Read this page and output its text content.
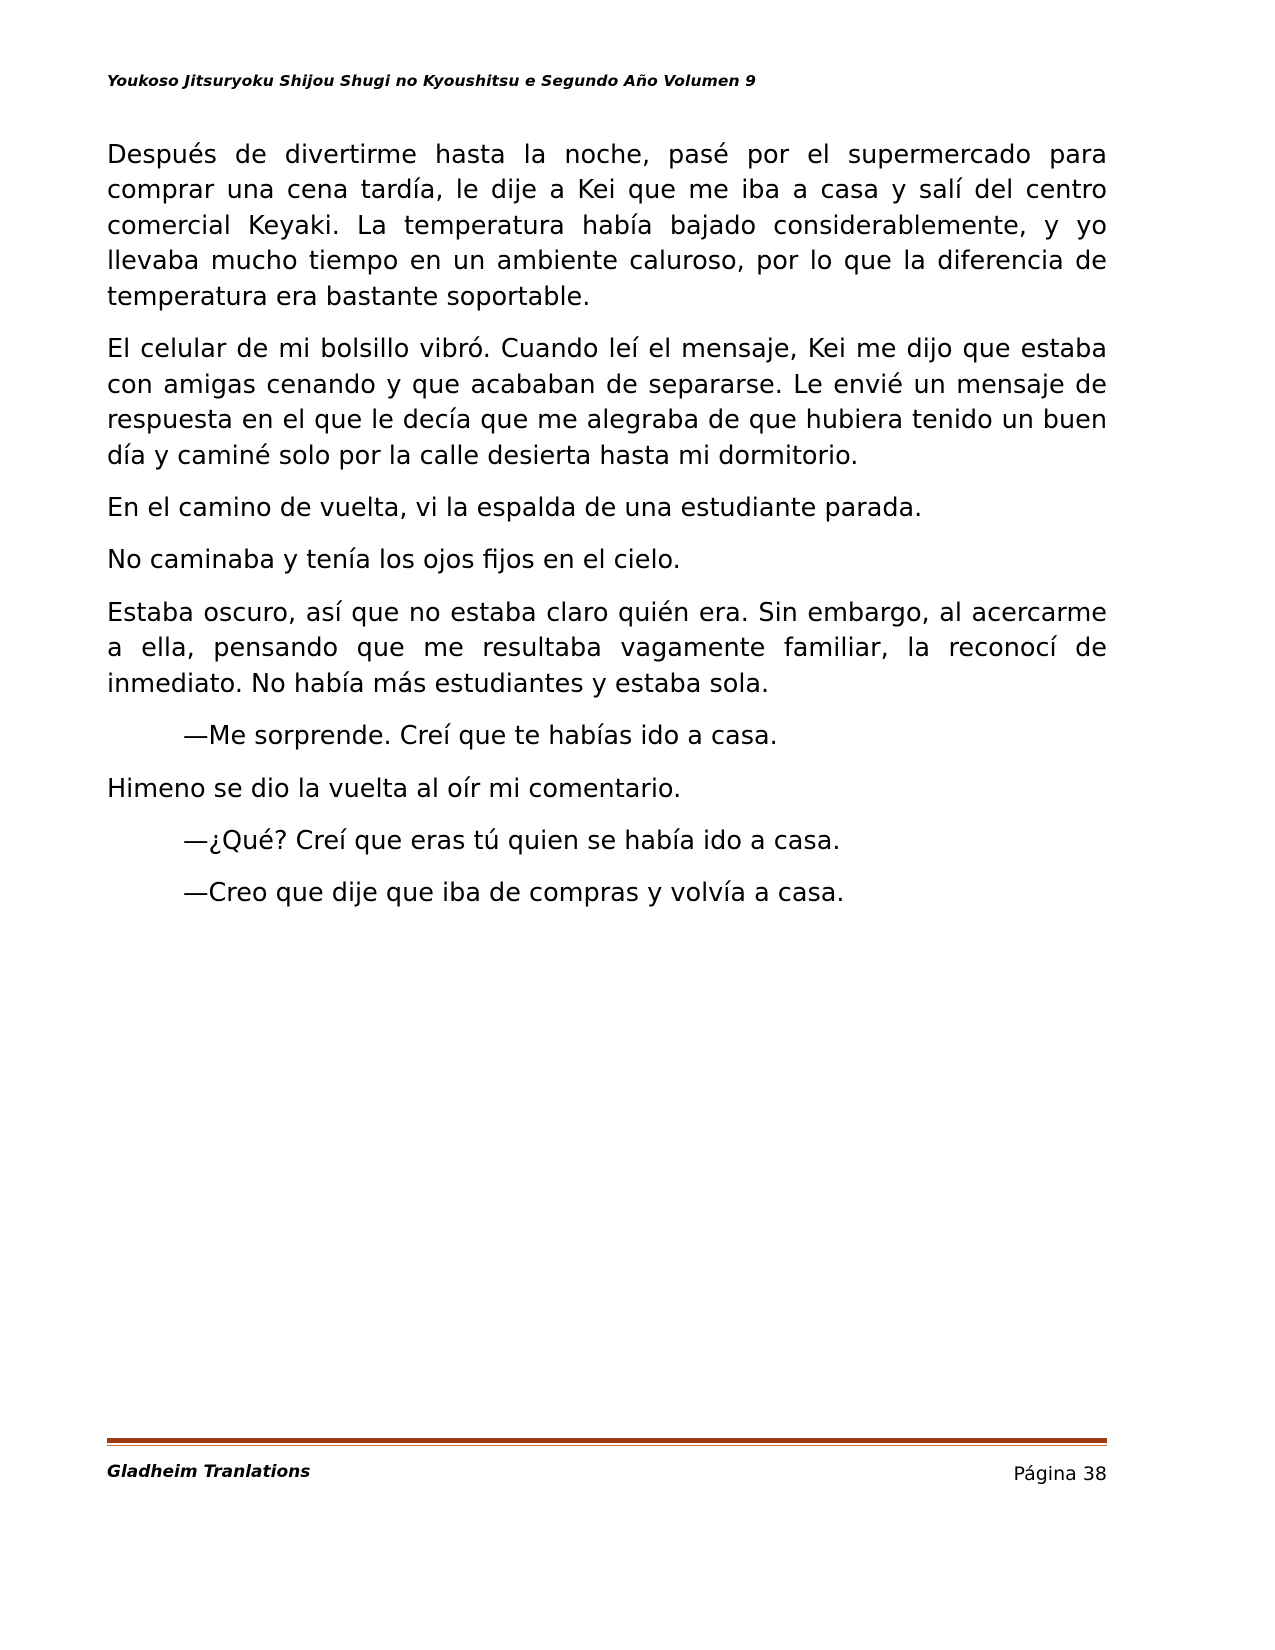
Youkoso Jitsuryoku Shijou Shugi no Kyoushitsu e Segundo Año Volumen 9

Después de divertirme hasta la noche, pasé por el supermercado para comprar una cena tardía, le dije a Kei que me iba a casa y salí del centro comercial Keyaki. La temperatura había bajado considerablemente, y yo llevaba mucho tiempo en un ambiente caluroso, por lo que la diferencia de temperatura era bastante soportable.

El celular de mi bolsillo vibró. Cuando leí el mensaje, Kei me dijo que estaba con amigas cenando y que acababan de separarse. Le envié un mensaje de respuesta en el que le decía que me alegraba de que hubiera tenido un buen día y caminé solo por la calle desierta hasta mi dormitorio.

En el camino de vuelta, vi la espalda de una estudiante parada.

No caminaba y tenía los ojos fijos en el cielo.

Estaba oscuro, así que no estaba claro quién era. Sin embargo, al acercarme a ella, pensando que me resultaba vagamente familiar, la reconocí de inmediato. No había más estudiantes y estaba sola.

—Me sorprende. Creí que te habías ido a casa.

Himeno se dio la vuelta al oír mi comentario.

—¿Qué? Creí que eras tú quien se había ido a casa.

—Creo que dije que iba de compras y volvía a casa.

Gladheim Tranlations	Página 38
